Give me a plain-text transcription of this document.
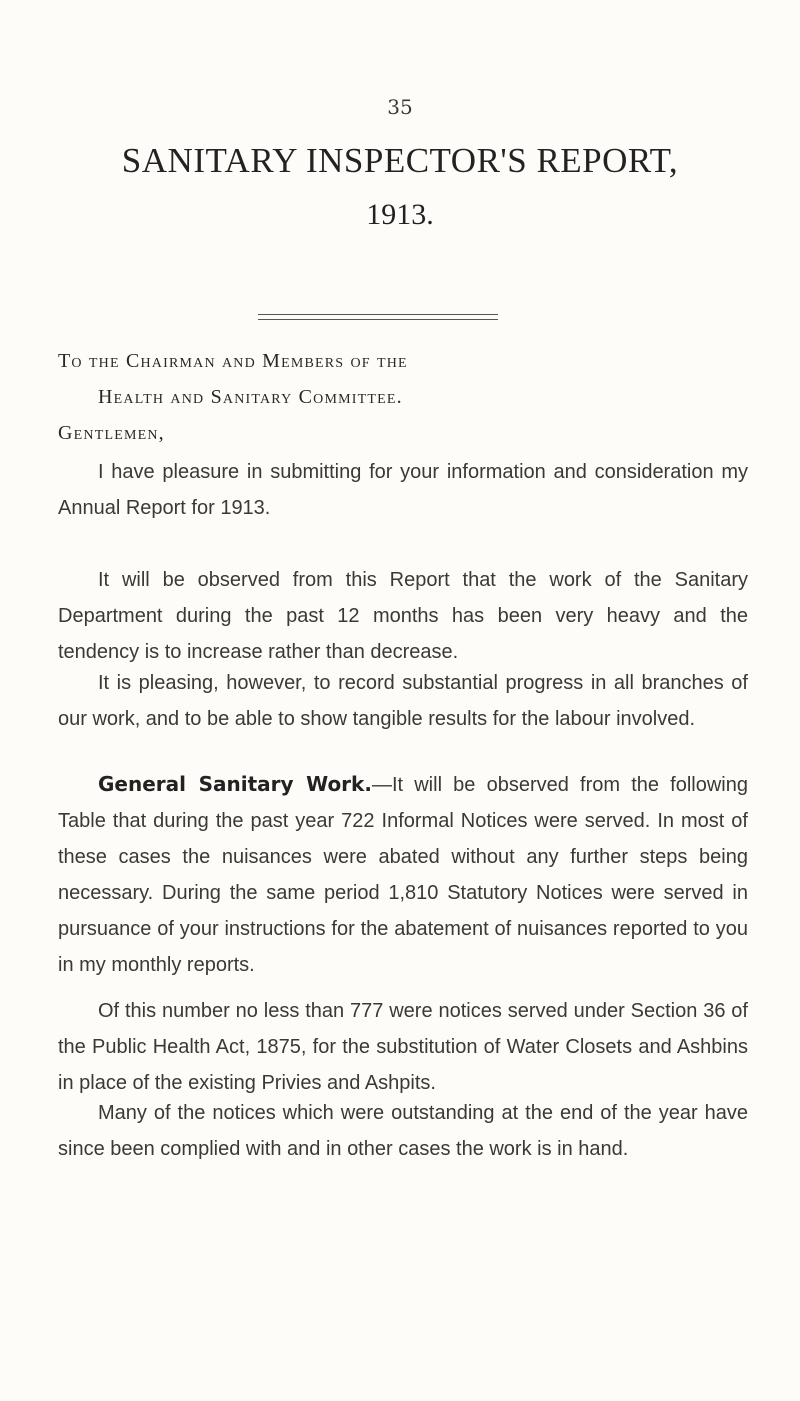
35
SANITARY INSPECTOR'S REPORT,
1913.
To the Chairman and Members of the
Health and Sanitary Committee.
Gentlemen,
I have pleasure in submitting for your information and consideration my Annual Report for 1913.
It will be observed from this Report that the work of the Sanitary Department during the past 12 months has been very heavy and the tendency is to increase rather than decrease.
It is pleasing, however, to record substantial progress in all branches of our work, and to be able to show tangible results for the labour involved.
General Sanitary Work.—It will be observed from the following Table that during the past year 722 Informal Notices were served. In most of these cases the nuisances were abated without any further steps being necessary. During the same period 1,810 Statutory Notices were served in pursuance of your instructions for the abatement of nuisances reported to you in my monthly reports.
Of this number no less than 777 were notices served under Section 36 of the Public Health Act, 1875, for the substitution of Water Closets and Ashbins in place of the existing Privies and Ashpits.
Many of the notices which were outstanding at the end of the year have since been complied with and in other cases the work is in hand.
